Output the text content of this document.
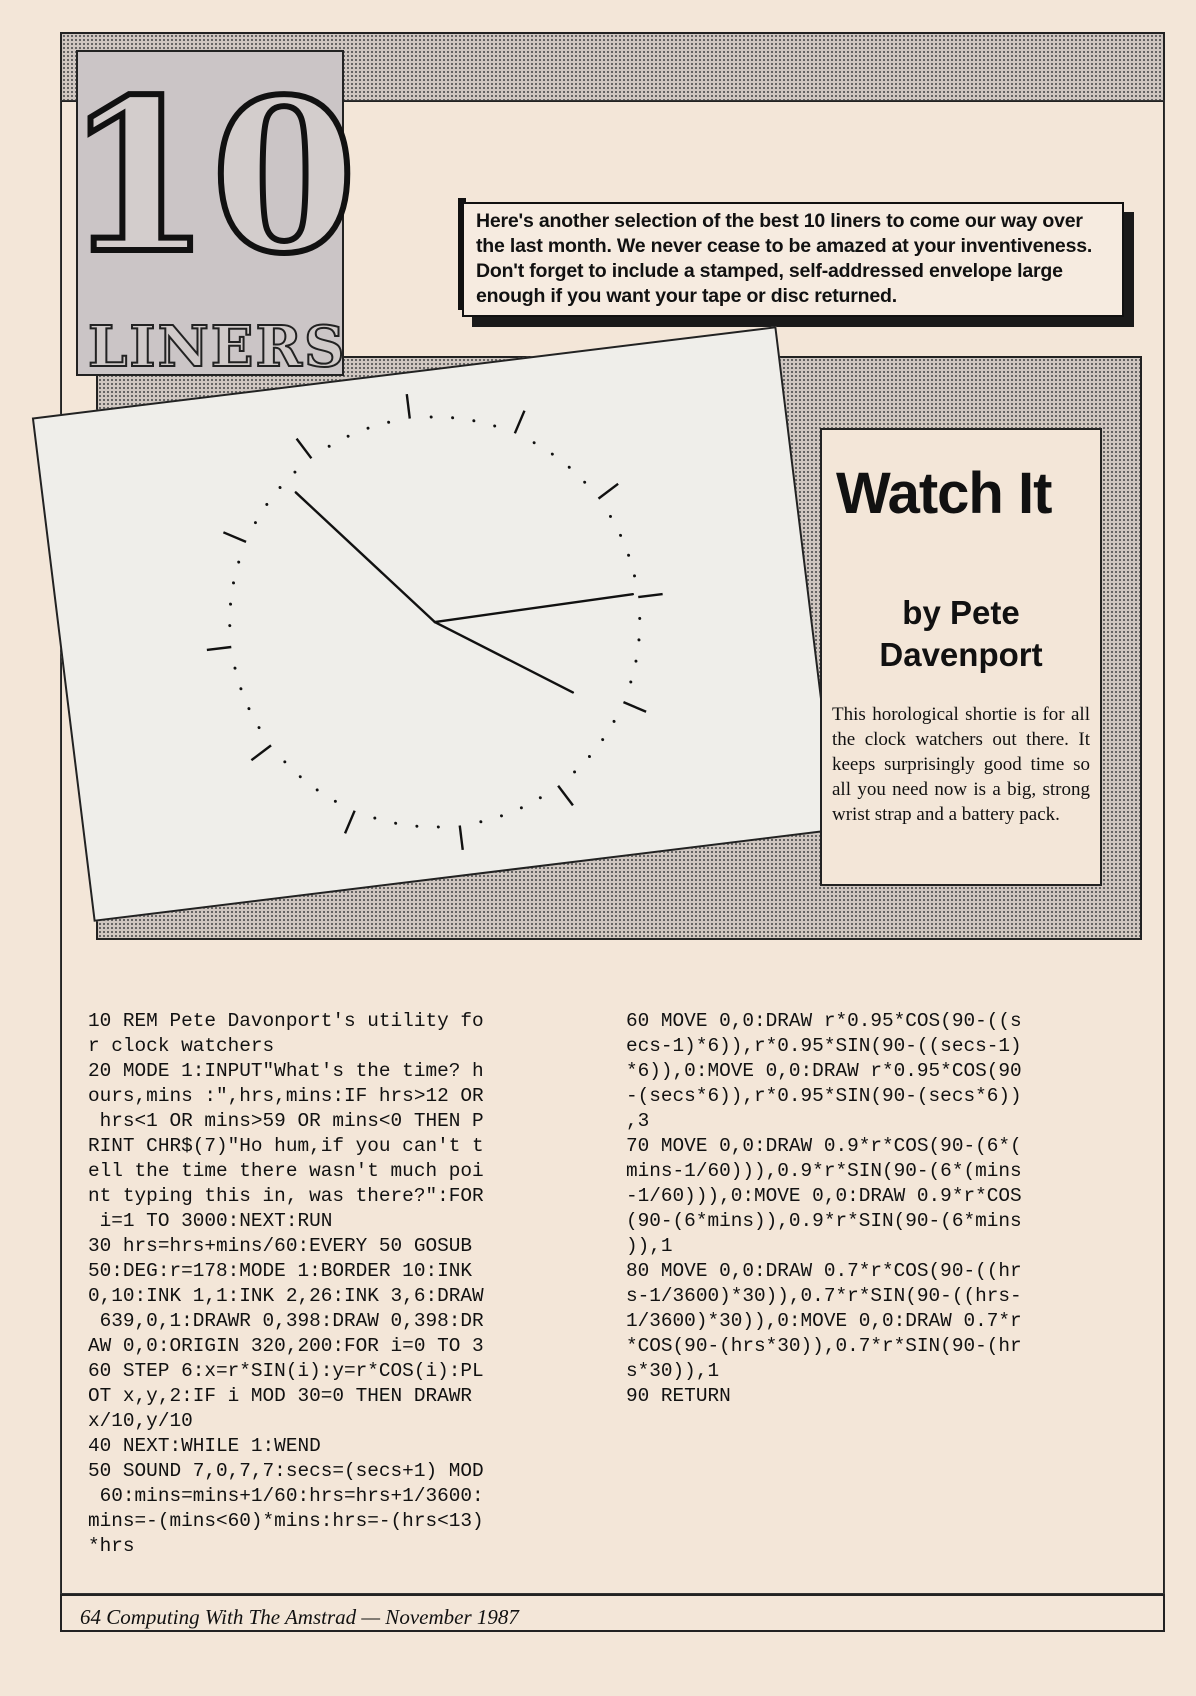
10
LINERS
Here's another selection of the best 10 liners to come our way over the last month. We never cease to be amazed at your inventiveness. Don't forget to include a stamped, self-addressed envelope large enough if you want your tape or disc returned.
Watch It
by Pete Davenport
This horological shortie is for all the clock watchers out there. It keeps surprisingly good time so all you need now is a big, strong wrist strap and a battery pack.
10 REM Pete Davonport's utility fo
r clock watchers
20 MODE 1:INPUT"What's the time? h
ours,mins :",hrs,mins:IF hrs>12 OR
hrs<1 OR mins>59 OR mins<0 THEN P
RINT CHR$(7)"Ho hum,if you can't t
ell the time there wasn't much poi
nt typing this in, was there?":FOR
i=1 TO 3000:NEXT:RUN
30 hrs=hrs+mins/60:EVERY 50 GOSUB
50:DEG:r=178:MODE 1:BORDER 10:INK
0,10:INK 1,1:INK 2,26:INK 3,6:DRAW
639,0,1:DRAWR 0,398:DRAW 0,398:DR
AW 0,0:ORIGIN 320,200:FOR i=0 TO 3
60 STEP 6:x=r*SIN(i):y=r*COS(i):PL
OT x,y,2:IF i MOD 30=0 THEN DRAWR
x/10,y/10
40 NEXT:WHILE 1:WEND
50 SOUND 7,0,7,7:secs=(secs+1) MOD
60:mins=mins+1/60:hrs=hrs+1/3600:
mins=-(mins<60)*mins:hrs=-(hrs<13)
*hrs
60 MOVE 0,0:DRAW r*0.95*COS(90-((s
ecs-1)*6)),r*0.95*SIN(90-((secs-1)
*6)),0:MOVE 0,0:DRAW r*0.95*COS(90
-(secs*6)),r*0.95*SIN(90-(secs*6))
,3
70 MOVE 0,0:DRAW 0.9*r*COS(90-(6*(
mins-1/60))),0.9*r*SIN(90-(6*(mins
-1/60))),0:MOVE 0,0:DRAW 0.9*r*COS
(90-(6*mins)),0.9*r*SIN(90-(6*mins
)),1
80 MOVE 0,0:DRAW 0.7*r*COS(90-((hr
s-1/3600)*30)),0.7*r*SIN(90-((hrs-
1/3600)*30)),0:MOVE 0,0:DRAW 0.7*r
*COS(90-(hrs*30)),0.7*r*SIN(90-(hr
s*30)),1
90 RETURN
64 Computing With The Amstrad — November 1987
